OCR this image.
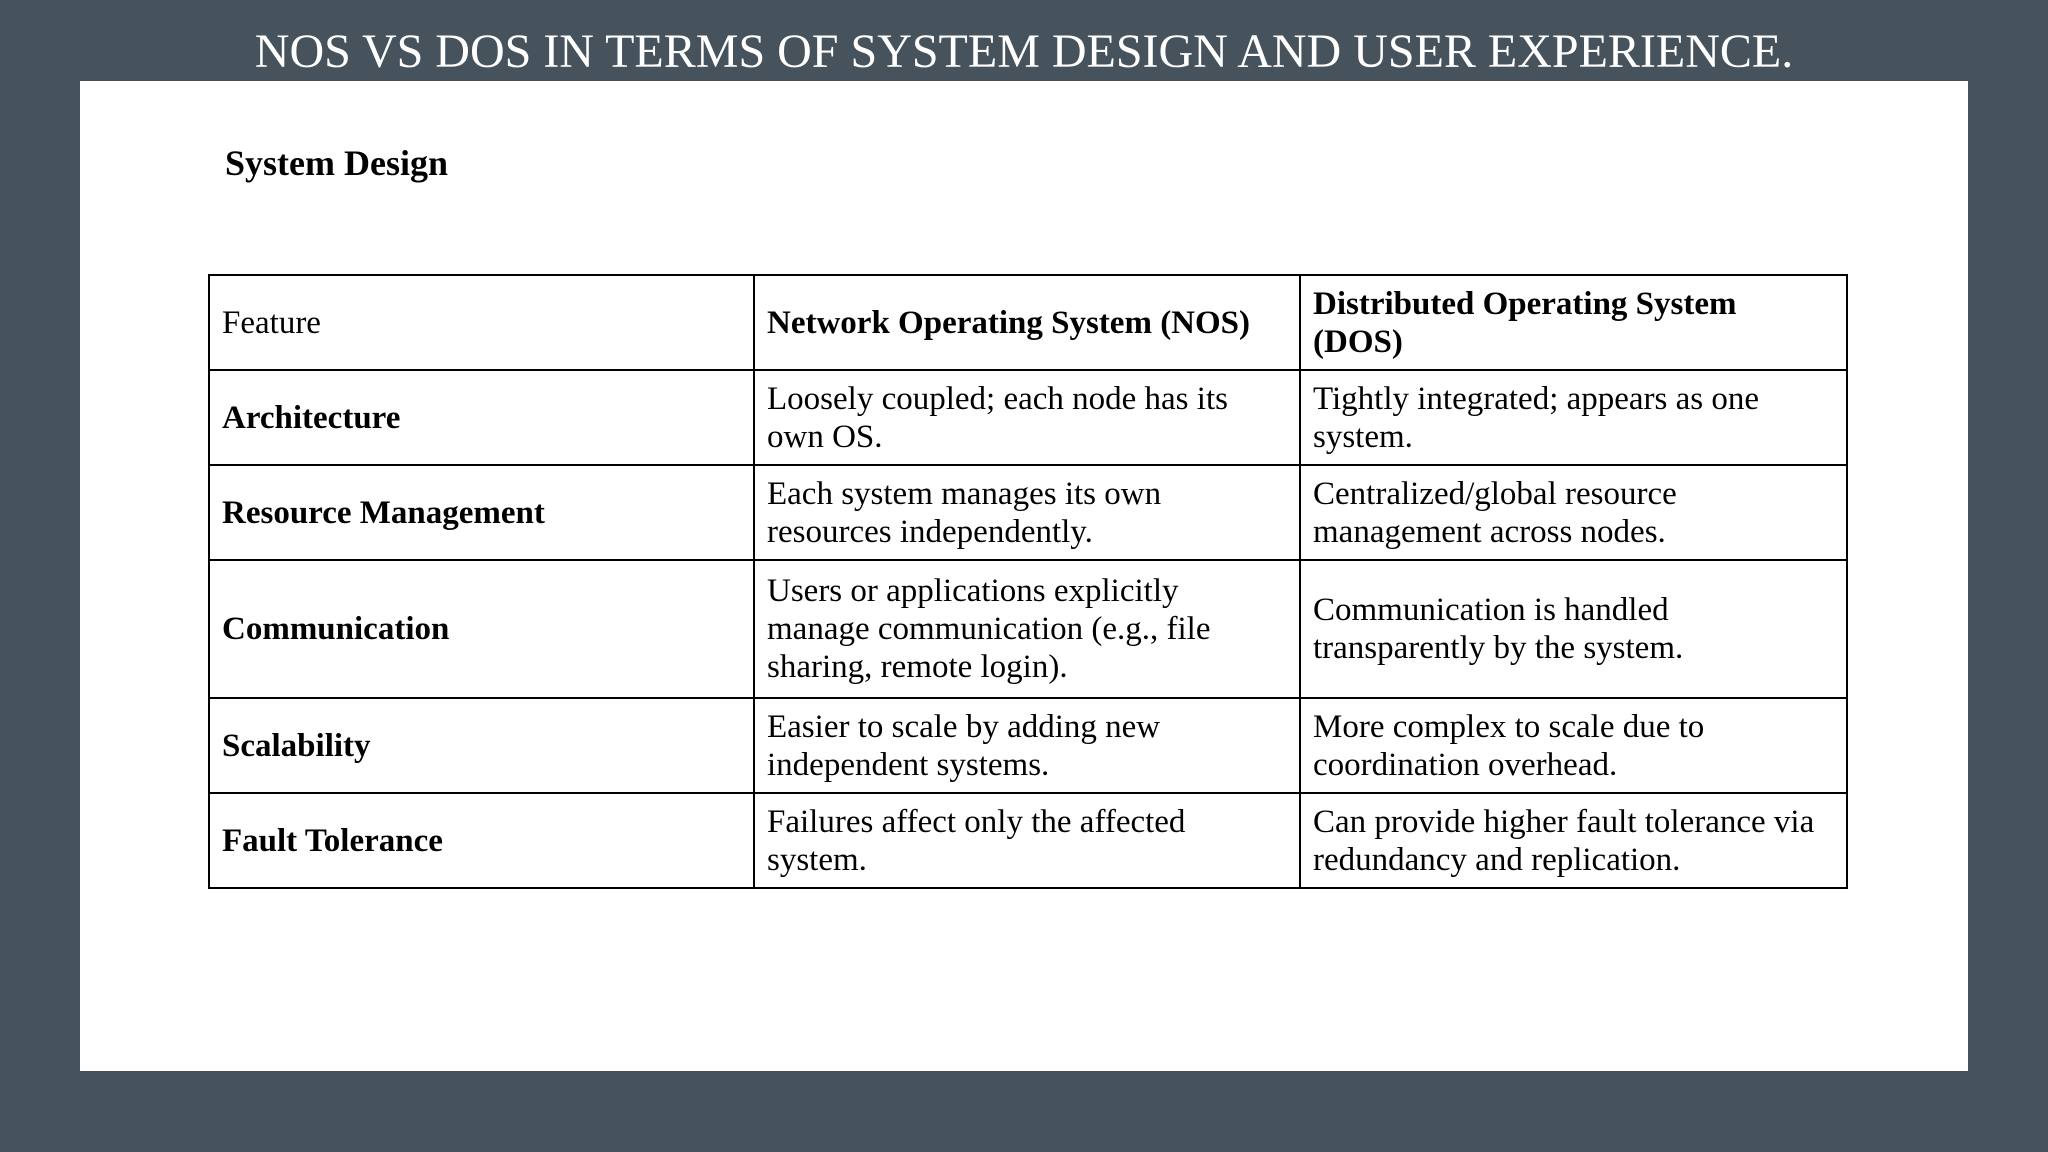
NOS VS DOS IN TERMS OF SYSTEM DESIGN AND USER EXPERIENCE.
System Design
Feature	Network Operating System (NOS)	Distributed Operating System (DOS)
Architecture	Loosely coupled; each node has its own OS.	Tightly integrated; appears as one system.
Resource Management	Each system manages its own resources independently.	Centralized/global resource management across nodes.
Communication	Users or applications explicitly manage communication (e.g., file sharing, remote login).	Communication is handled transparently by the system.
Scalability	Easier to scale by adding new independent systems.	More complex to scale due to coordination overhead.
Fault Tolerance	Failures affect only the affected system.	Can provide higher fault tolerance via redundancy and replication.
